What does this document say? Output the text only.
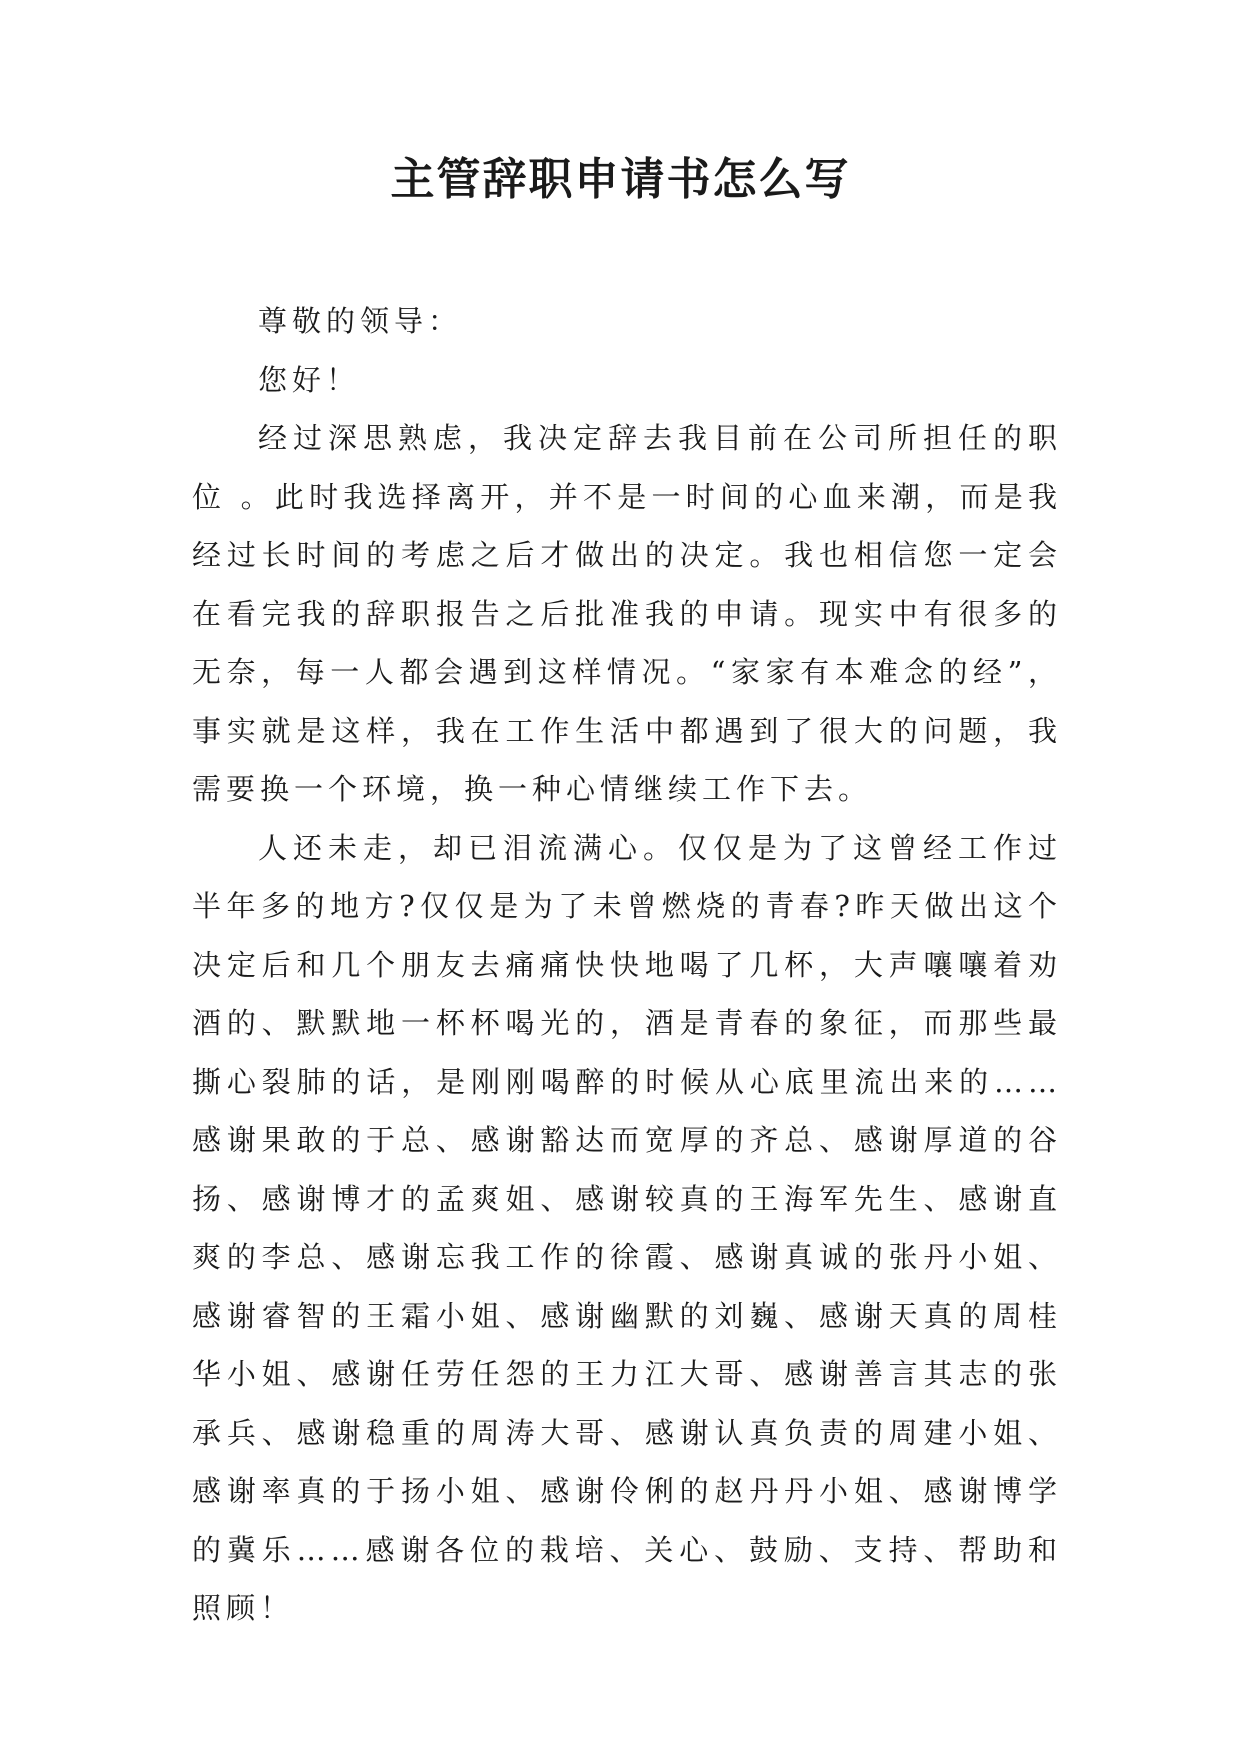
主管辞职申请书怎么写

尊敬的领导：

您好！

经过深思熟虑，我决定辞去我目前在公司所担任的职位 。此时我选择离开，并不是一时间的心血来潮，而是我经过长时间的考虑之后才做出的决定。我也相信您一定会在看完我的辞职报告之后批准我的申请。现实中有很多的无奈，每一人都会遇到这样情况。“家家有本难念的经”，事实就是这样，我在工作生活中都遇到了很大的问题，我需要换一个环境，换一种心情继续工作下去。

人还未走，却已泪流满心。仅仅是为了这曾经工作过半年多的地方?仅仅是为了未曾燃烧的青春?昨天做出这个决定后和几个朋友去痛痛快快地喝了几杯，大声嚷嚷着劝酒的、默默地一杯杯喝光的，酒是青春的象征，而那些最撕心裂肺的话，是刚刚喝醉的时候从心底里流出来的……感谢果敢的于总、感谢豁达而宽厚的齐总、感谢厚道的谷扬、感谢博才的孟爽姐、感谢较真的王海军先生、感谢直爽的李总、感谢忘我工作的徐霞、感谢真诚的张丹小姐、感谢睿智的王霜小姐、感谢幽默的刘巍、感谢天真的周桂华小姐、感谢任劳任怨的王力江大哥、感谢善言其志的张承兵、感谢稳重的周涛大哥、感谢认真负责的周建小姐、感谢率真的于扬小姐、感谢伶俐的赵丹丹小姐、感谢博学的冀乐……感谢各位的栽培、关心、鼓励、支持、帮助和照顾！
